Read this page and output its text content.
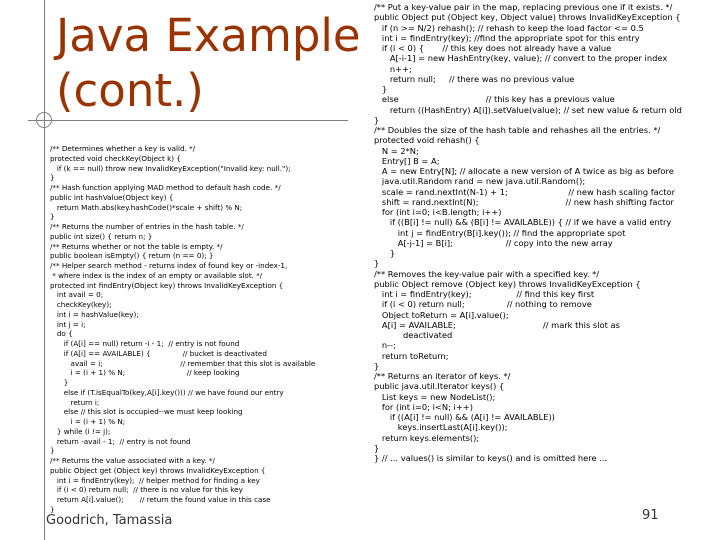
Java Example
(cont.)
/** Determines whether a key is valid. */
protected void checkKey(Object k) {
if (k == null) throw new InvalidKeyException("Invalid key: null.");
}
/** Hash function applying MAD method to default hash code. */
public int hashValue(Object key) {
return Math.abs(key.hashCode()*scale + shift) % N;
}
/** Returns the number of entries in the hash table. */
public int size() { return n; }
/** Returns whether or not the table is empty. */
public boolean isEmpty() { return (n == 0); }
/** Helper search method - returns index of found key or -index-1,
* where index is the index of an empty or available slot. */
protected int findEntry(Object key) throws InvalidKeyException {
int avail = 0;
checkKey(key);
int i = hashValue(key);
int j = i;
do {
if (A[i] == null) return -i - 1;  // entry is not found
if (A[i] == AVAILABLE) {              // bucket is deactivated
avail = i;                                  // remember that this slot is available
i = (i + 1) % N;                           // keep looking
}
else if (T.isEqualTo(key,A[i].key())) // we have found our entry
return i;
else // this slot is occupied--we must keep looking
i = (i + 1) % N;
} while (i != j);
return -avail - 1;  // entry is not found
}
/** Returns the value associated with a key. */
public Object get (Object key) throws InvalidKeyException {
int i = findEntry(key);  // helper method for finding a key
if (i < 0) return null;  // there is no value for this key
return A[i].value();       // return the found value in this case
}
/** Put a key-value pair in the map, replacing previous one if it exists. */
public Object put (Object key, Object value) throws InvalidKeyException {
if (n >= N/2) rehash(); // rehash to keep the load factor <= 0.5
int i = findEntry(key); //find the appropriate spot for this entry
if (i < 0) {       // this key does not already have a value
A[-i-1] = new HashEntry(key, value); // convert to the proper index
n++;
return null;     // there was no previous value
}
else                                 // this key has a previous value
return ((HashEntry) A[i]).setValue(value); // set new value & return old
}
/** Doubles the size of the hash table and rehashes all the entries. */
protected void rehash() {
N = 2*N;
Entry[] B = A;
A = new Entry[N]; // allocate a new version of A twice as big as before
java.util.Random rand = new java.util.Random();
scale = rand.nextInt(N-1) + 1;                       // new hash scaling factor
shift = rand.nextInt(N);                                 // new hash shifting factor
for (int i=0; i<B.length; i++)
if ((B[i] != null) && (B[i] != AVAILABLE)) { // if we have a valid entry
int j = findEntry(B[i].key()); // find the appropriate spot
A[-j-1] = B[i];                    // copy into the new array
}
}
/** Removes the key-value pair with a specified key. */
public Object remove (Object key) throws InvalidKeyException {
int i = findEntry(key);                 // find this key first
if (i < 0) return null;                // nothing to remove
Object toReturn = A[i].value();
A[i] = AVAILABLE;                                 // mark this slot as
deactivated
n--;
return toReturn;
}
/** Returns an iterator of keys. */
public java.util.Iterator keys() {
List keys = new NodeList();
for (int i=0; i<N; i++)
if ((A[i] != null) && (A[i] != AVAILABLE))
keys.insertLast(A[i].key());
return keys.elements();
}
} // ... values() is similar to keys() and is omitted here ...
Goodrich, Tamassia	91
